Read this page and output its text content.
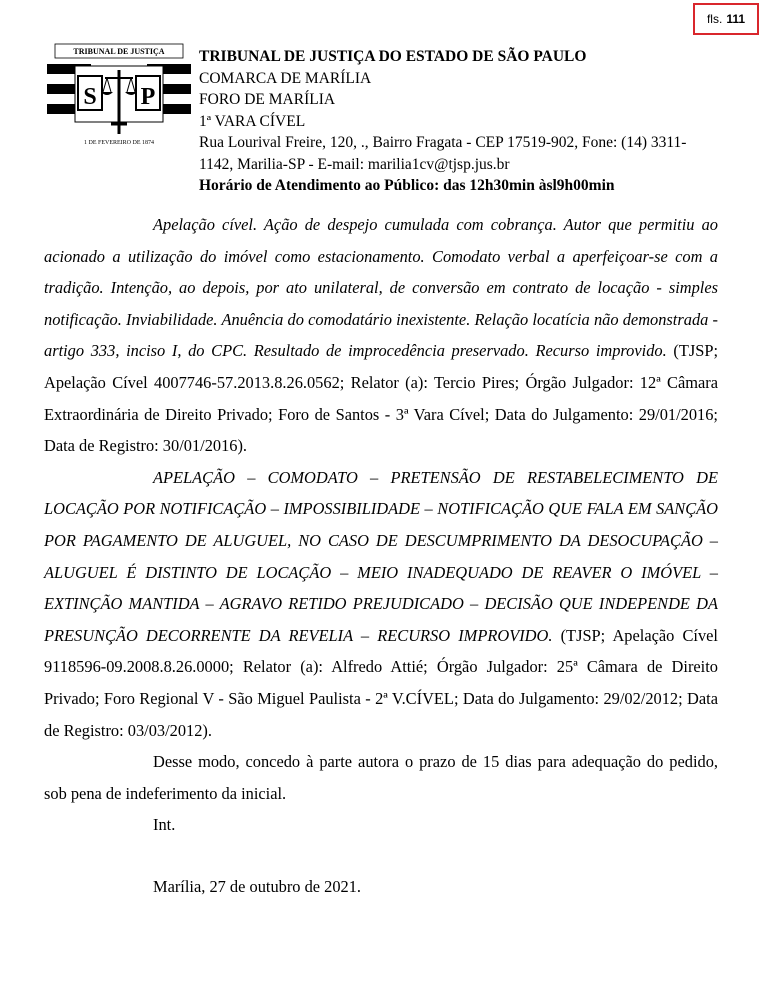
fls. 111
TRIBUNAL DE JUSTIÇA
S P
1 DE FEVEREIRO DE 1874
TRIBUNAL DE JUSTIÇA DO ESTADO DE SÃO PAULO
COMARCA DE MARÍLIA
FORO DE MARÍLIA
1ª VARA CÍVEL
Rua Lourival Freire, 120, ., Bairro Fragata - CEP 17519-902, Fone: (14) 3311-1142, Marilia-SP - E-mail: marilia1cv@tjsp.jus.br
Horário de Atendimento ao Público: das 12h30min àsl9h00min

Apelação cível. Ação de despejo cumulada com cobrança. Autor que permitiu ao acionado a utilização do imóvel como estacionamento. Comodato verbal a aperfeiçoar-se com a tradição. Intenção, ao depois, por ato unilateral, de conversão em contrato de locação - simples notificação. Inviabilidade. Anuência do comodatário inexistente. Relação locatícia não demonstrada - artigo 333, inciso I, do CPC. Resultado de improcedência preservado. Recurso improvido. (TJSP; Apelação Cível 4007746-57.2013.8.26.0562; Relator (a): Tercio Pires; Órgão Julgador: 12ª Câmara Extraordinária de Direito Privado; Foro de Santos - 3ª Vara Cível; Data do Julgamento: 29/01/2016; Data de Registro: 30/01/2016).

APELAÇÃO – COMODATO – PRETENSÃO DE RESTABELECIMENTO DE LOCAÇÃO POR NOTIFICAÇÃO – IMPOSSIBILIDADE – NOTIFICAÇÃO QUE FALA EM SANÇÃO POR PAGAMENTO DE ALUGUEL, NO CASO DE DESCUMPRIMENTO DA DESOCUPAÇÃO – ALUGUEL É DISTINTO DE LOCAÇÃO – MEIO INADEQUADO DE REAVER O IMÓVEL – EXTINÇÃO MANTIDA – AGRAVO RETIDO PREJUDICADO – DECISÃO QUE INDEPENDE DA PRESUNÇÃO DECORRENTE DA REVELIA – RECURSO IMPROVIDO. (TJSP; Apelação Cível 9118596-09.2008.8.26.0000; Relator (a): Alfredo Attié; Órgão Julgador: 25ª Câmara de Direito Privado; Foro Regional V - São Miguel Paulista - 2ª V.CÍVEL; Data do Julgamento: 29/02/2012; Data de Registro: 03/03/2012).

Desse modo, concedo à parte autora o prazo de 15 dias para adequação do pedido, sob pena de indeferimento da inicial.

Int.

Marília, 27 de outubro de 2021.
